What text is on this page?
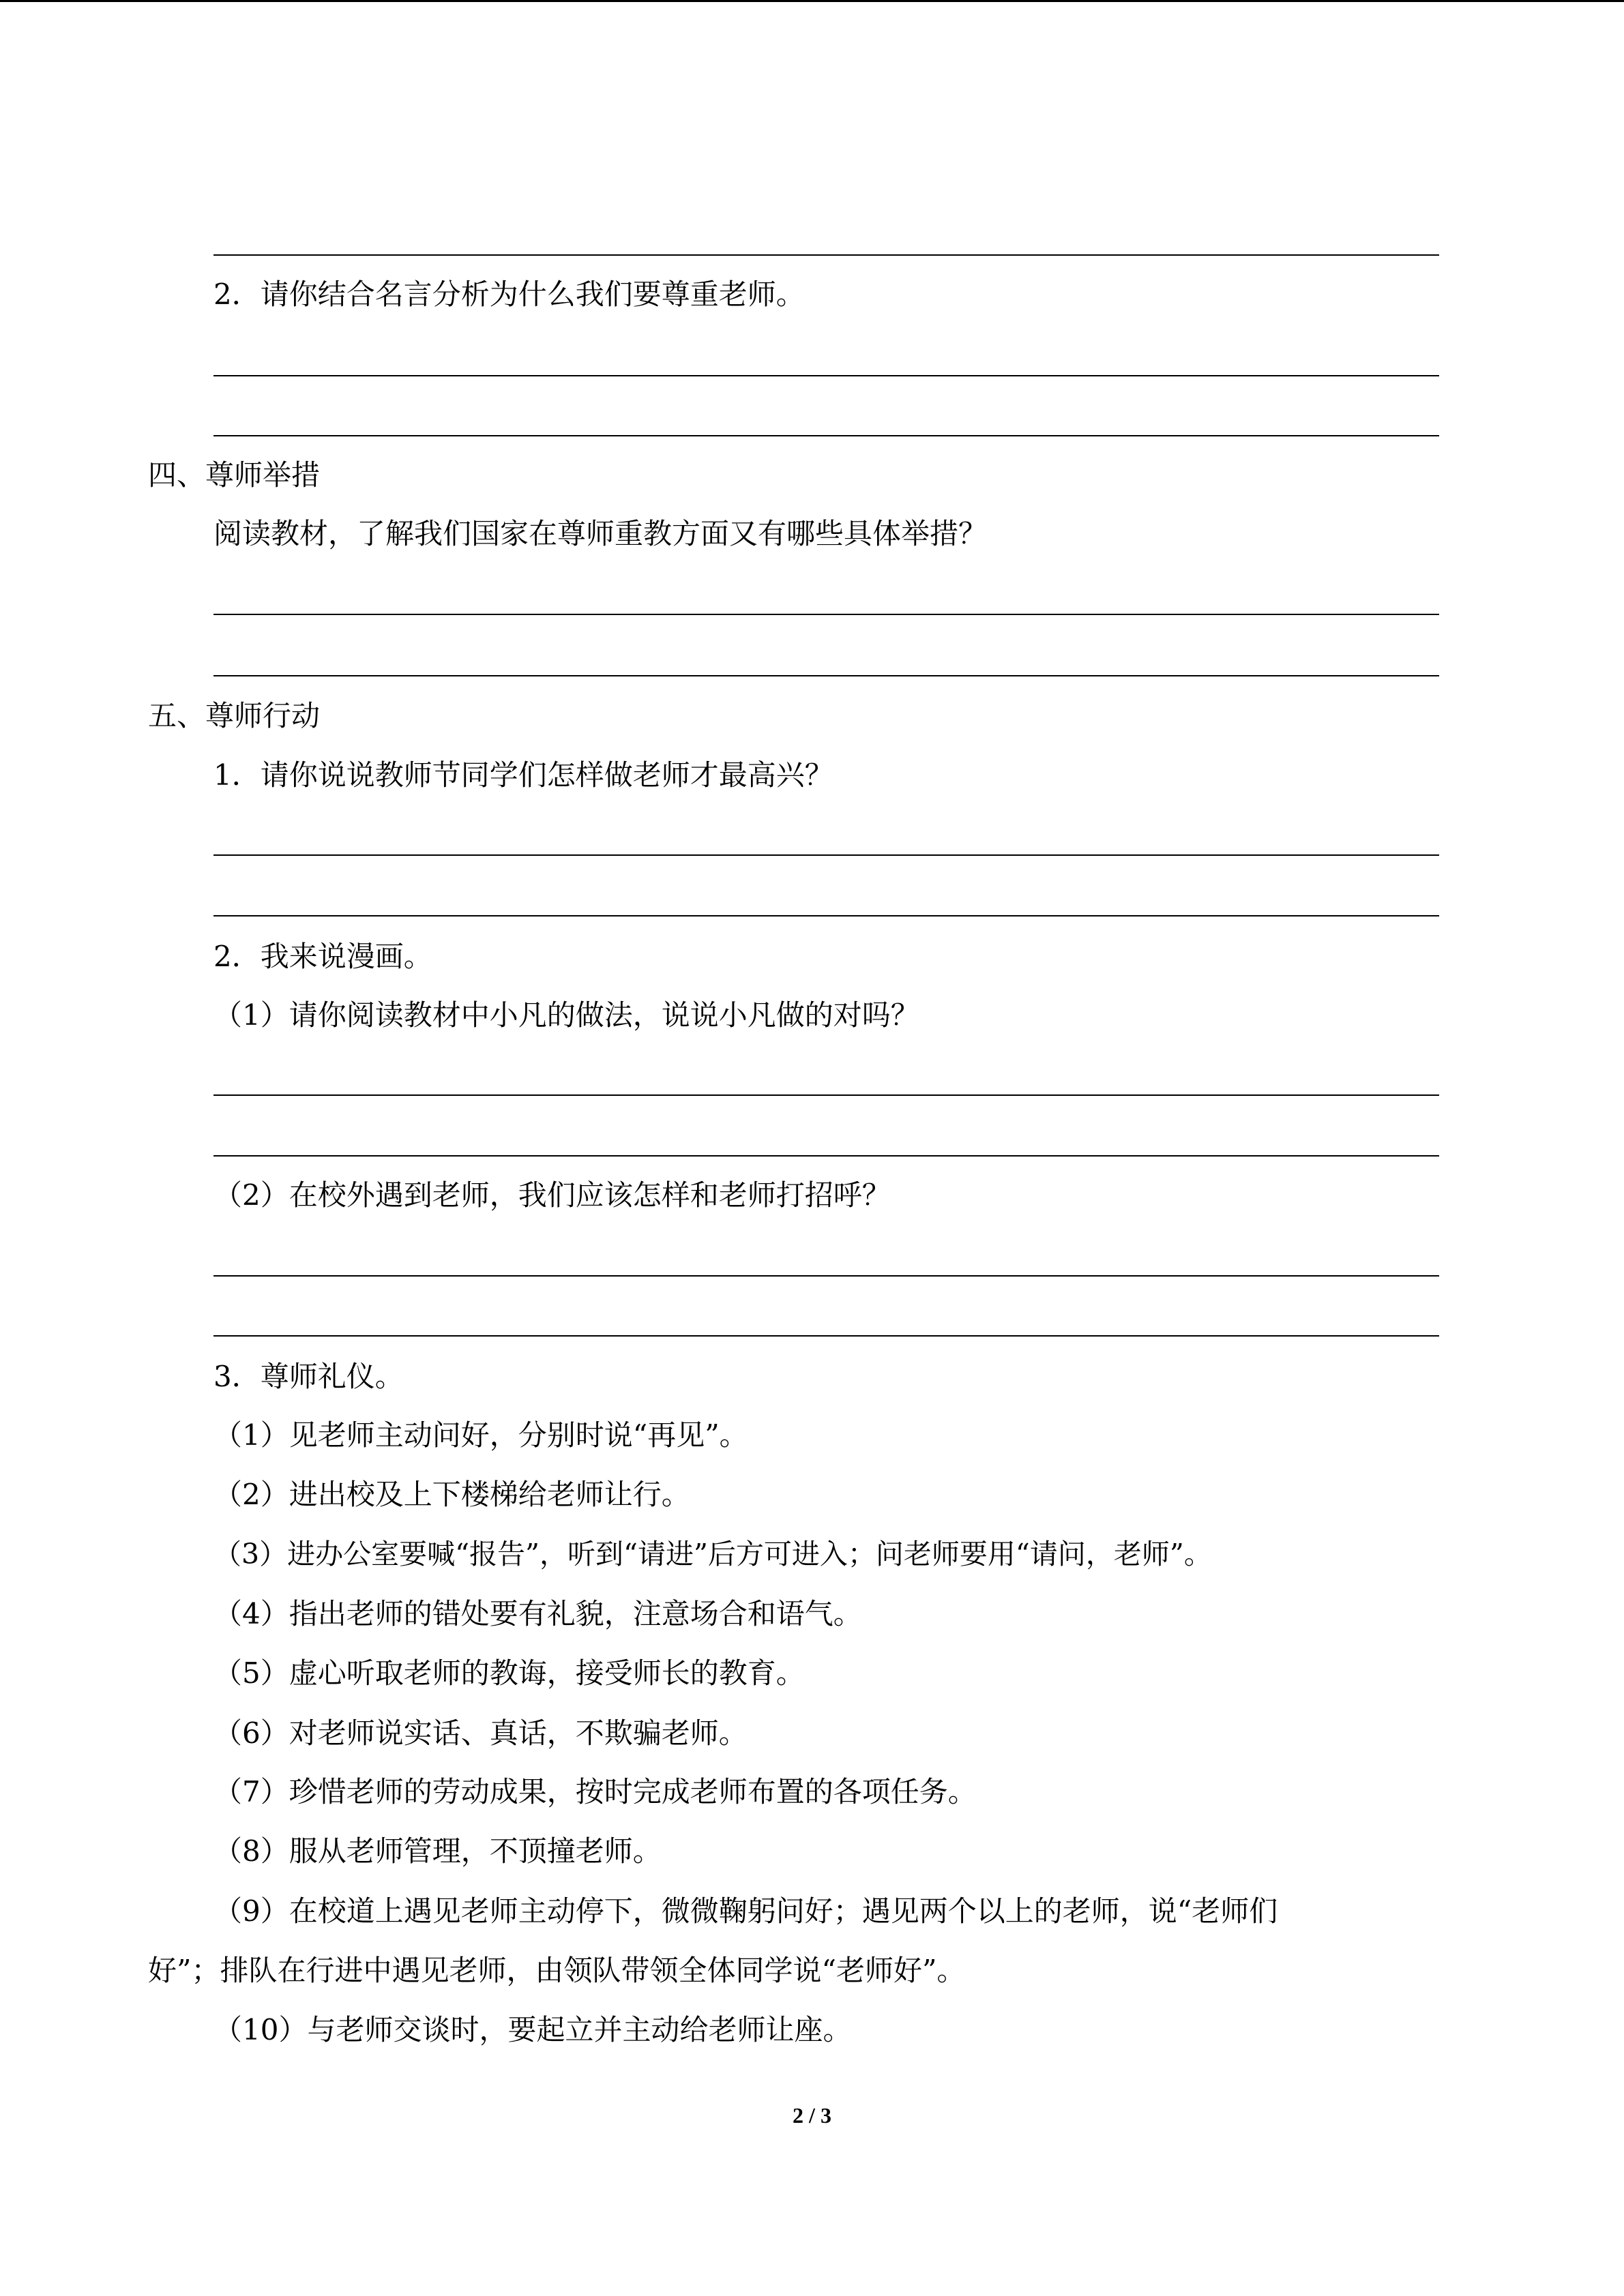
2．请你结合名言分析为什么我们要尊重老师。
四、尊师举措
阅读教材，了解我们国家在尊师重教方面又有哪些具体举措？
五、尊师行动
1．请你说说教师节同学们怎样做老师才最高兴？
2．我来说漫画。
（1）请你阅读教材中小凡的做法，说说小凡做的对吗？
（2）在校外遇到老师，我们应该怎样和老师打招呼？
3．尊师礼仪。
（1）见老师主动问好，分别时说“再见”。
（2）进出校及上下楼梯给老师让行。
（3）进办公室要喊“报告”，听到“请进”后方可进入；问老师要用“请问，老师”。
（4）指出老师的错处要有礼貌，注意场合和语气。
（5）虚心听取老师的教诲，接受师长的教育。
（6）对老师说实话、真话，不欺骗老师。
（7）珍惜老师的劳动成果，按时完成老师布置的各项任务。
（8）服从老师管理，不顶撞老师。
（9）在校道上遇见老师主动停下，微微鞠躬问好；遇见两个以上的老师，说“老师们
好”；排队在行进中遇见老师，由领队带领全体同学说“老师好”。
（10）与老师交谈时，要起立并主动给老师让座。
2 / 3
